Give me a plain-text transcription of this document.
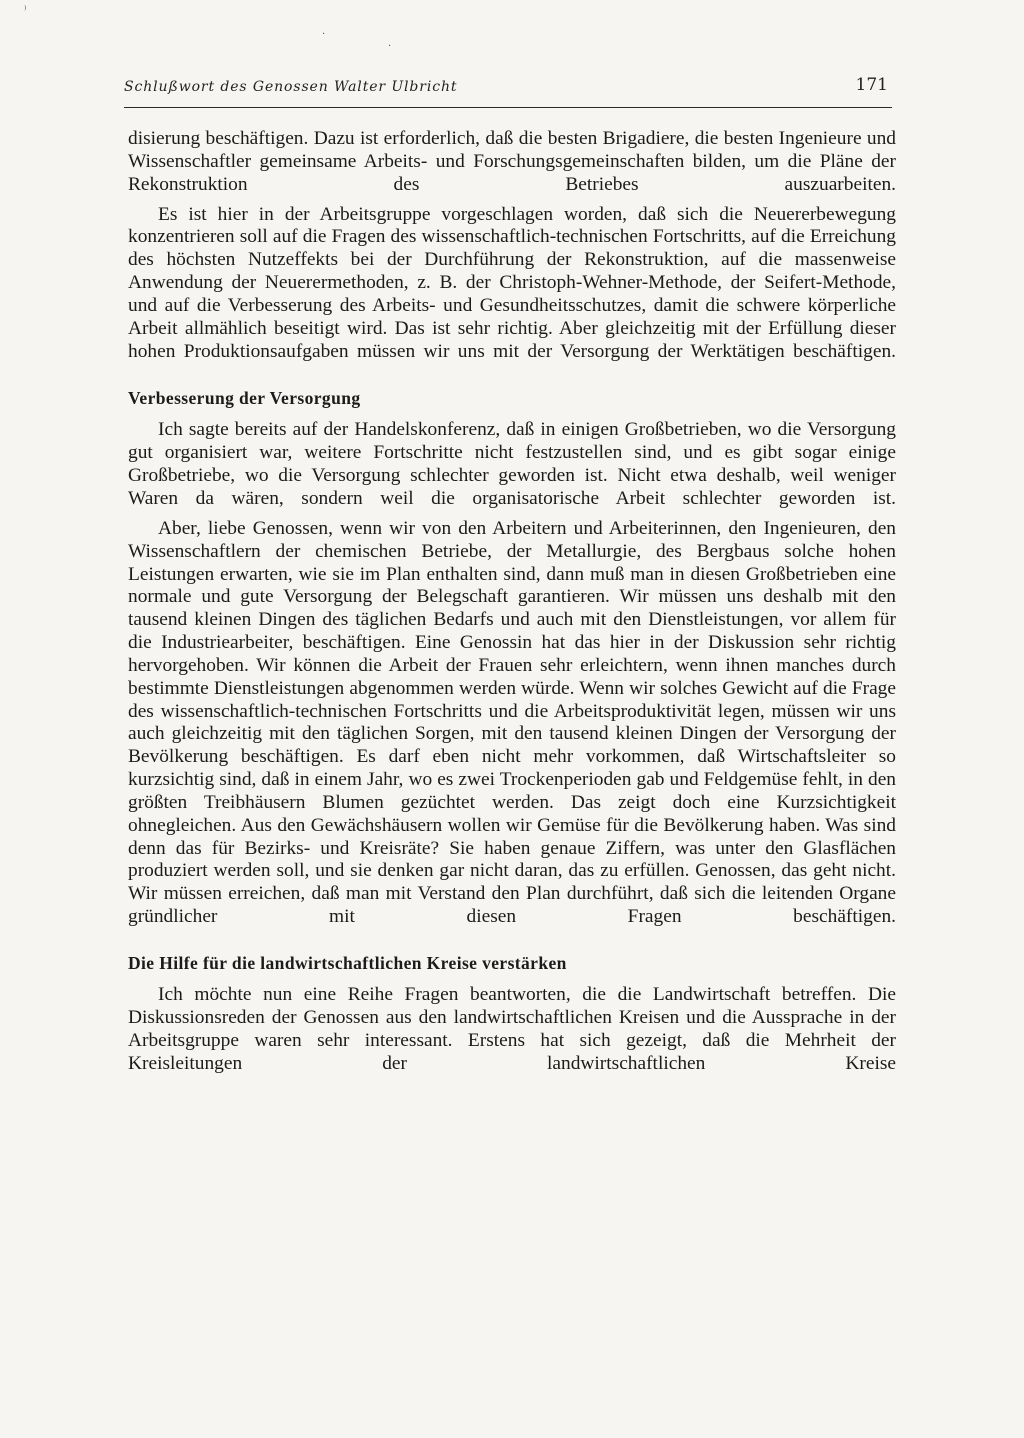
⁾
·
·
Schlußwort des Genossen Walter Ulbricht	171

disierung beschäftigen. Dazu ist erforderlich, daß die besten Brigadiere, die besten Ingenieure und Wissenschaftler gemeinsame Arbeits- und Forschungsgemeinschaften bilden, um die Pläne der Rekonstruktion des Betriebes auszuarbeiten.

Es ist hier in der Arbeitsgruppe vorgeschlagen worden, daß sich die Neuererbewegung konzentrieren soll auf die Fragen des wissenschaftlich-technischen Fortschritts, auf die Erreichung des höchsten Nutzeffekts bei der Durchführung der Rekonstruktion, auf die massenweise Anwendung der Neuerermethoden, z. B. der Christoph-Wehner-Methode, der Seifert-Methode, und auf die Verbesserung des Arbeits- und Gesundheitsschutzes, damit die schwere körperliche Arbeit allmählich beseitigt wird. Das ist sehr richtig. Aber gleichzeitig mit der Erfüllung dieser hohen Produktionsaufgaben müssen wir uns mit der Versorgung der Werktätigen beschäftigen.

Verbesserung der Versorgung

Ich sagte bereits auf der Handelskonferenz, daß in einigen Großbetrieben, wo die Versorgung gut organisiert war, weitere Fortschritte nicht festzustellen sind, und es gibt sogar einige Großbetriebe, wo die Versorgung schlechter geworden ist. Nicht etwa deshalb, weil weniger Waren da wären, sondern weil die organisatorische Arbeit schlechter geworden ist.

Aber, liebe Genossen, wenn wir von den Arbeitern und Arbeiterinnen, den Ingenieuren, den Wissenschaftlern der chemischen Betriebe, der Metallurgie, des Bergbaus solche hohen Leistungen erwarten, wie sie im Plan enthalten sind, dann muß man in diesen Großbetrieben eine normale und gute Versorgung der Belegschaft garantieren. Wir müssen uns deshalb mit den tausend kleinen Dingen des täglichen Bedarfs und auch mit den Dienstleistungen, vor allem für die Industriearbeiter, beschäftigen. Eine Genossin hat das hier in der Diskussion sehr richtig hervorgehoben. Wir können die Arbeit der Frauen sehr erleichtern, wenn ihnen manches durch bestimmte Dienstleistungen abgenommen werden würde. Wenn wir solches Gewicht auf die Frage des wissenschaftlich-technischen Fortschritts und die Arbeitsproduktivität legen, müssen wir uns auch gleichzeitig mit den täglichen Sorgen, mit den tausend kleinen Dingen der Versorgung der Bevölkerung beschäftigen. Es darf eben nicht mehr vorkommen, daß Wirtschaftsleiter so kurzsichtig sind, daß in einem Jahr, wo es zwei Trockenperioden gab und Feldgemüse fehlt, in den größten Treibhäusern Blumen gezüchtet werden. Das zeigt doch eine Kurzsichtigkeit ohnegleichen. Aus den Gewächshäusern wollen wir Gemüse für die Bevölkerung haben. Was sind denn das für Bezirks- und Kreisräte? Sie haben genaue Ziffern, was unter den Glasflächen produziert werden soll, und sie denken gar nicht daran, das zu erfüllen. Genossen, das geht nicht. Wir müssen erreichen, daß man mit Verstand den Plan durchführt, daß sich die leitenden Organe gründlicher mit diesen Fragen beschäftigen.

Die Hilfe für die landwirtschaftlichen Kreise verstärken

Ich möchte nun eine Reihe Fragen beantworten, die die Landwirtschaft betreffen. Die Diskussionsreden der Genossen aus den landwirtschaftlichen Kreisen und die Aussprache in der Arbeitsgruppe waren sehr interessant. Erstens hat sich gezeigt, daß die Mehrheit der Kreisleitungen der landwirtschaftlichen Kreise
